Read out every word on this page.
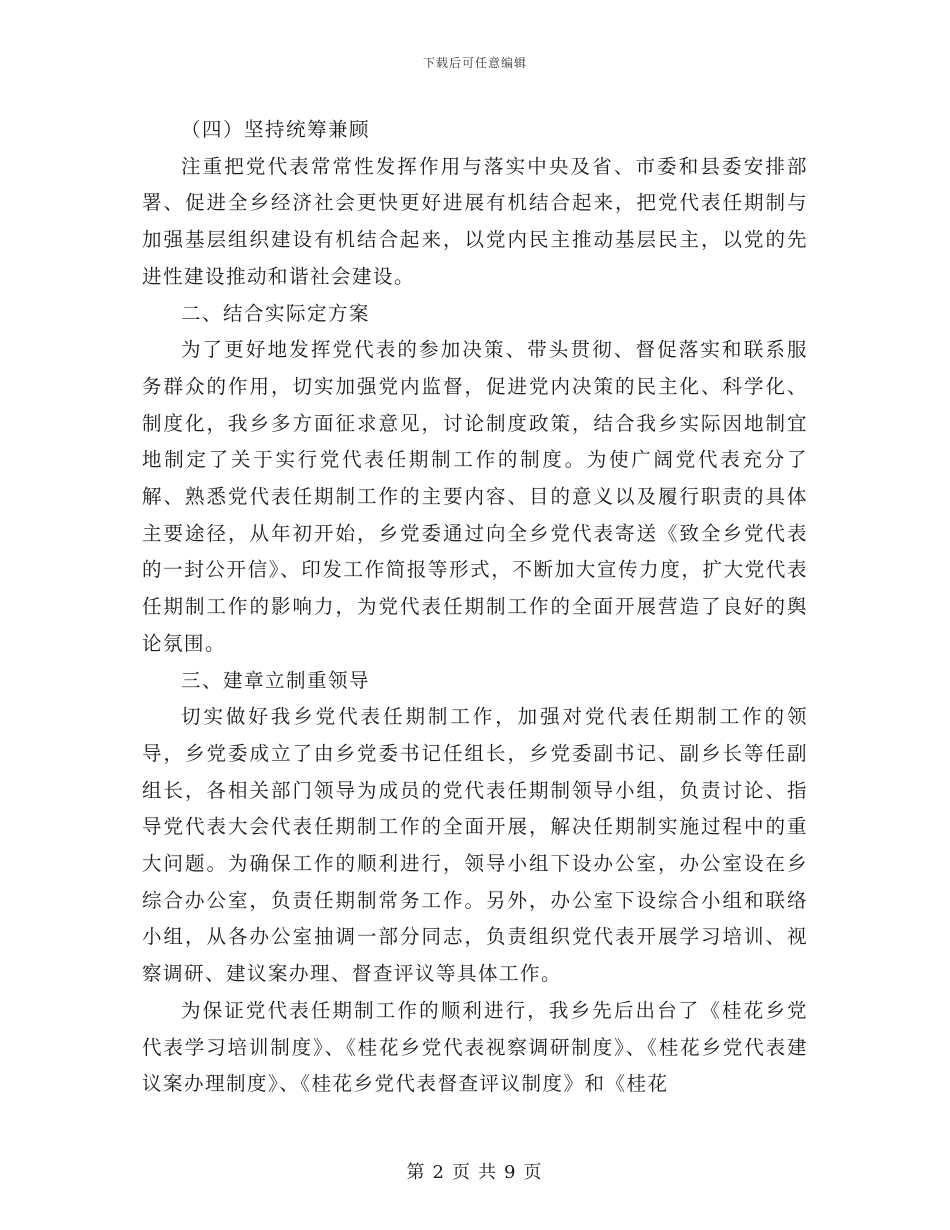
下载后可任意编辑

（四）坚持统筹兼顾

注重把党代表常常性发挥作用与落实中央及省、市委和县委安排部署、促进全乡经济社会更快更好进展有机结合起来，把党代表任期制与加强基层组织建设有机结合起来，以党内民主推动基层民主，以党的先进性建设推动和谐社会建设。

二、结合实际定方案

为了更好地发挥党代表的参加决策、带头贯彻、督促落实和联系服务群众的作用，切实加强党内监督，促进党内决策的民主化、科学化、制度化，我乡多方面征求意见，讨论制度政策，结合我乡实际因地制宜地制定了关于实行党代表任期制工作的制度。为使广阔党代表充分了解、熟悉党代表任期制工作的主要内容、目的意义以及履行职责的具体主要途径，从年初开始，乡党委通过向全乡党代表寄送《致全乡党代表的一封公开信》、印发工作简报等形式，不断加大宣传力度，扩大党代表任期制工作的影响力，为党代表任期制工作的全面开展营造了良好的舆论氛围。

三、建章立制重领导

切实做好我乡党代表任期制工作，加强对党代表任期制工作的领导，乡党委成立了由乡党委书记任组长，乡党委副书记、副乡长等任副组长，各相关部门领导为成员的党代表任期制领导小组，负责讨论、指导党代表大会代表任期制工作的全面开展，解决任期制实施过程中的重大问题。为确保工作的顺利进行，领导小组下设办公室，办公室设在乡综合办公室，负责任期制常务工作。另外，办公室下设综合小组和联络小组，从各办公室抽调一部分同志，负责组织党代表开展学习培训、视察调研、建议案办理、督查评议等具体工作。

为保证党代表任期制工作的顺利进行，我乡先后出台了《桂花乡党代表学习培训制度》、《桂花乡党代表视察调研制度》、《桂花乡党代表建议案办理制度》、《桂花乡党代表督查评议制度》和《桂花

第 2 页 共 9 页
